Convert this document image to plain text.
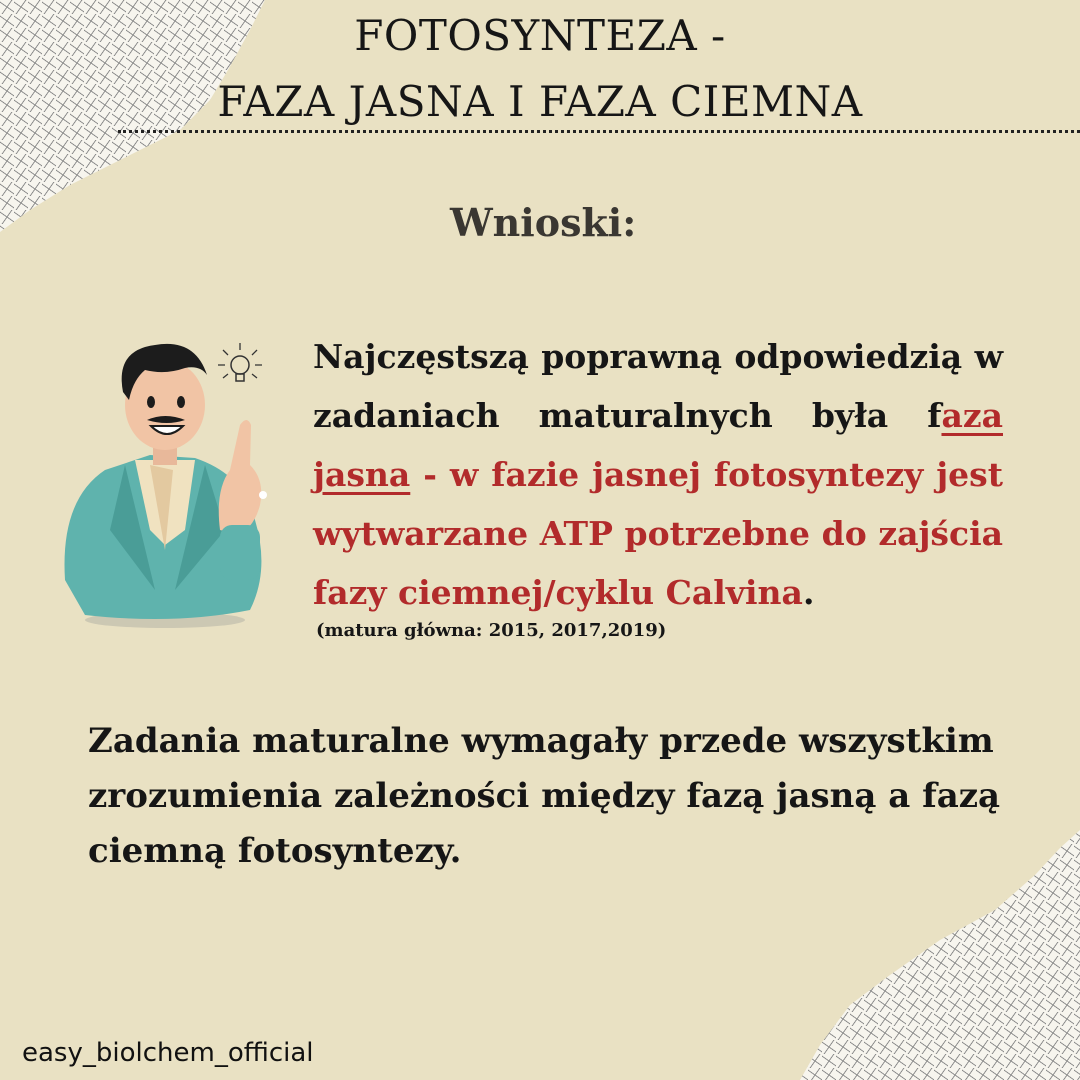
FOTOSYNTEZA -
FAZA JASNA I FAZA CIEMNA
Wnioski:
Najczęstszą poprawną odpowiedzią w zadaniach maturalnych była faza jasna - w fazie jasnej fotosyntezy jest wytwarzane ATP potrzebne do zajścia fazy ciemnej/cyklu Calvina.
(matura główna: 2015, 2017,2019)
Zadania maturalne wymagały przede wszystkim zrozumienia zależności między fazą jasną a fazą ciemną fotosyntezy.
easy_biolchem_official
